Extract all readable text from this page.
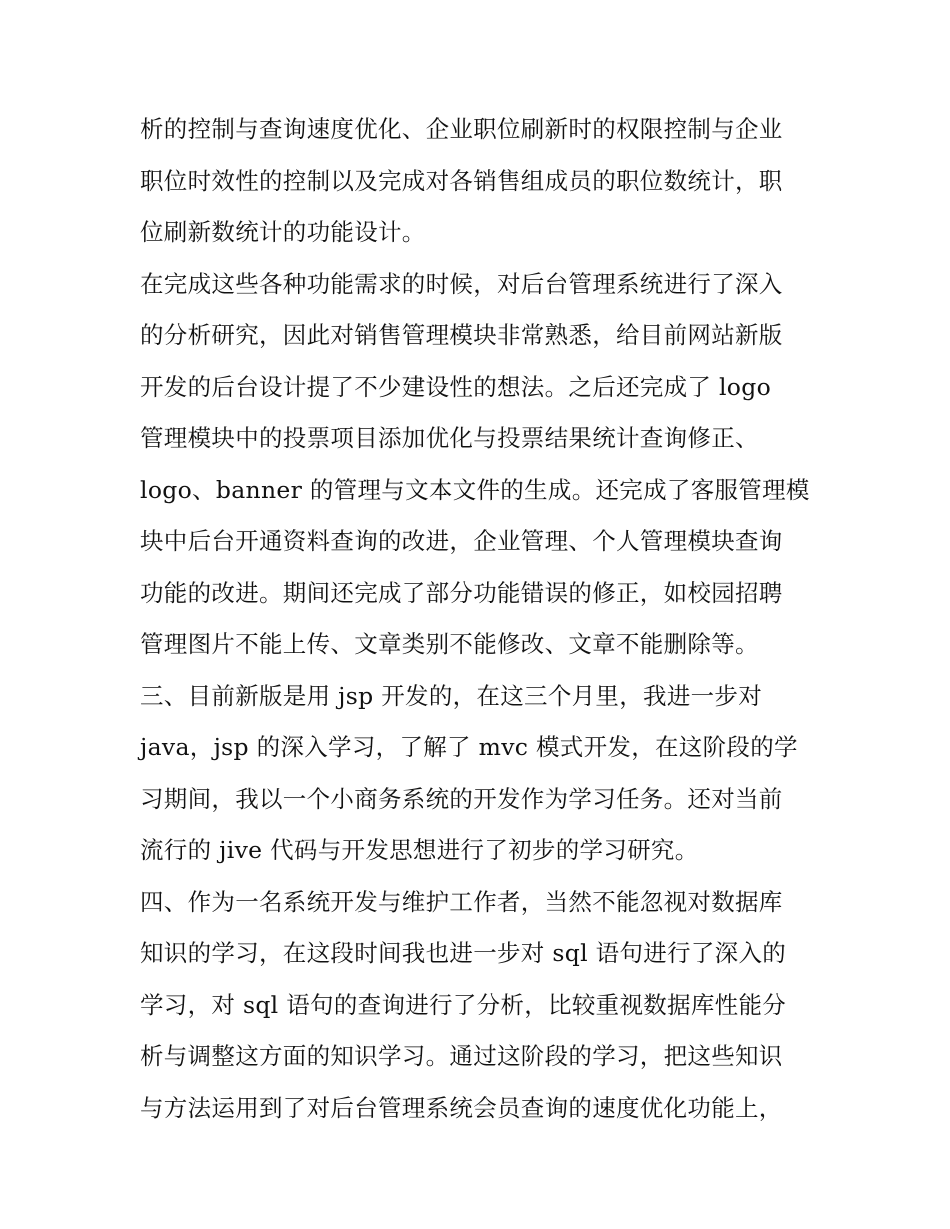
析的控制与查询速度优化、企业职位刷新时的权限控制与企业
职位时效性的控制以及完成对各销售组成员的职位数统计，职
位刷新数统计的功能设计。
在完成这些各种功能需求的时候，对后台管理系统进行了深入
的分析研究，因此对销售管理模块非常熟悉，给目前网站新版
开发的后台设计提了不少建设性的想法。之后还完成了 logo
管理模块中的投票项目添加优化与投票结果统计查询修正、
logo、banner 的管理与文本文件的生成。还完成了客服管理模
块中后台开通资料查询的改进，企业管理、个人管理模块查询
功能的改进。期间还完成了部分功能错误的修正，如校园招聘
管理图片不能上传、文章类别不能修改、文章不能删除等。
三、目前新版是用 jsp 开发的，在这三个月里，我进一步对
java，jsp 的深入学习，了解了 mvc 模式开发，在这阶段的学
习期间，我以一个小商务系统的开发作为学习任务。还对当前
流行的 jive 代码与开发思想进行了初步的学习研究。
四、作为一名系统开发与维护工作者，当然不能忽视对数据库
知识的学习，在这段时间我也进一步对 sql 语句进行了深入的
学习，对 sql 语句的查询进行了分析，比较重视数据库性能分
析与调整这方面的知识学习。通过这阶段的学习，把这些知识
与方法运用到了对后台管理系统会员查询的速度优化功能上，
